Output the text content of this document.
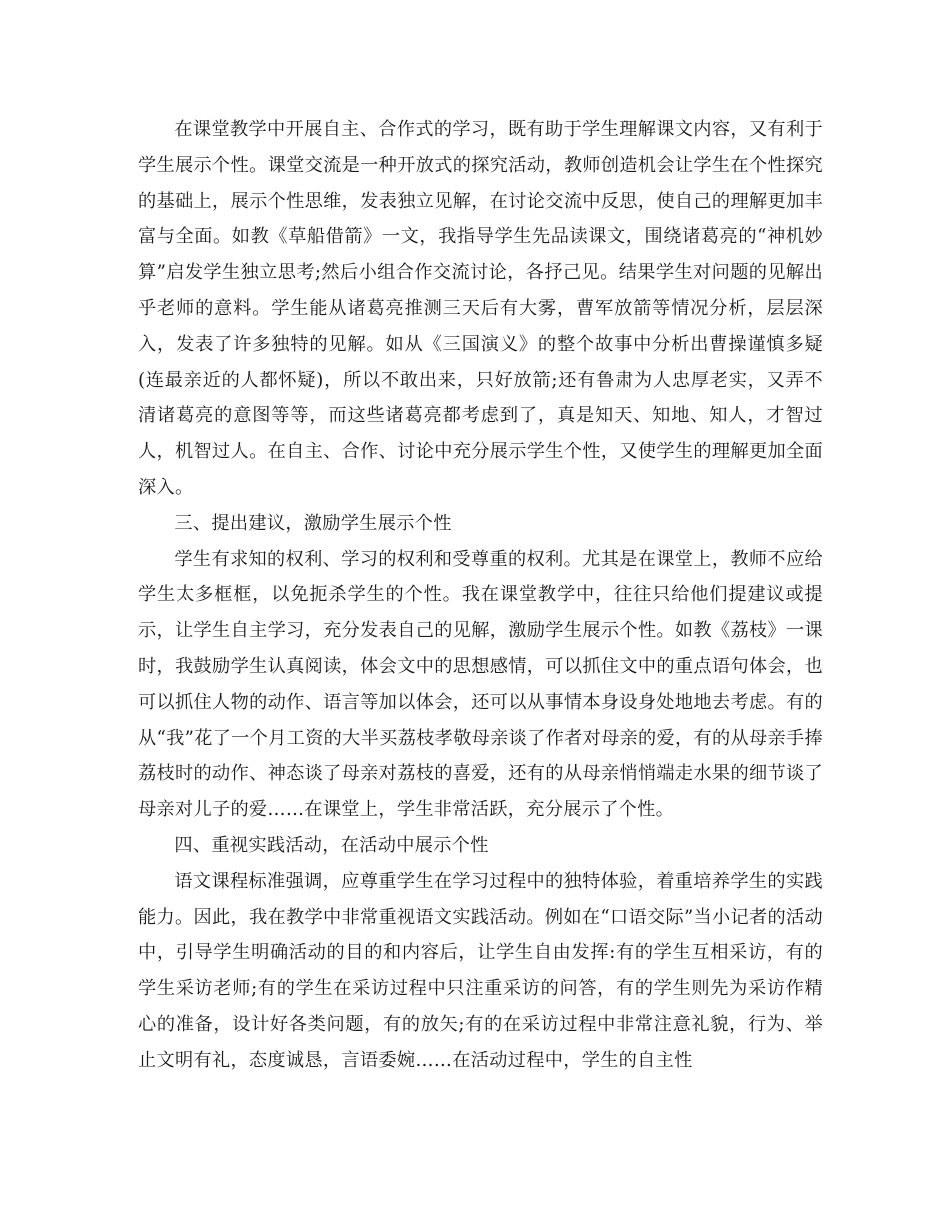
在课堂教学中开展自主、合作式的学习，既有助于学生理解课文内容，又有利于学生展示个性。课堂交流是一种开放式的探究活动，教师创造机会让学生在个性探究的基础上，展示个性思维，发表独立见解，在讨论交流中反思，使自己的理解更加丰富与全面。如教《草船借箭》一文，我指导学生先品读课文，围绕诸葛亮的“神机妙算”启发学生独立思考;然后小组合作交流讨论，各抒己见。结果学生对问题的见解出乎老师的意料。学生能从诸葛亮推测三天后有大雾，曹军放箭等情况分析，层层深入，发表了许多独特的见解。如从《三国演义》的整个故事中分析出曹操谨慎多疑(连最亲近的人都怀疑)，所以不敢出来，只好放箭;还有鲁肃为人忠厚老实，又弄不清诸葛亮的意图等等，而这些诸葛亮都考虑到了，真是知天、知地、知人，才智过人，机智过人。在自主、合作、讨论中充分展示学生个性，又使学生的理解更加全面深入。

三、提出建议，激励学生展示个性

学生有求知的权利、学习的权利和受尊重的权利。尤其是在课堂上，教师不应给学生太多框框，以免扼杀学生的个性。我在课堂教学中，往往只给他们提建议或提示，让学生自主学习，充分发表自己的见解，激励学生展示个性。如教《荔枝》一课时，我鼓励学生认真阅读，体会文中的思想感情，可以抓住文中的重点语句体会，也可以抓住人物的动作、语言等加以体会，还可以从事情本身设身处地地去考虑。有的从“我”花了一个月工资的大半买荔枝孝敬母亲谈了作者对母亲的爱，有的从母亲手捧荔枝时的动作、神态谈了母亲对荔枝的喜爱，还有的从母亲悄悄端走水果的细节谈了母亲对儿子的爱……在课堂上，学生非常活跃，充分展示了个性。

四、重视实践活动，在活动中展示个性

语文课程标准强调，应尊重学生在学习过程中的独特体验，着重培养学生的实践能力。因此，我在教学中非常重视语文实践活动。例如在“口语交际”当小记者的活动中，引导学生明确活动的目的和内容后，让学生自由发挥:有的学生互相采访，有的学生采访老师;有的学生在采访过程中只注重采访的问答，有的学生则先为采访作精心的准备，设计好各类问题，有的放矢;有的在采访过程中非常注意礼貌，行为、举止文明有礼，态度诚恳，言语委婉……在活动过程中，学生的自主性
